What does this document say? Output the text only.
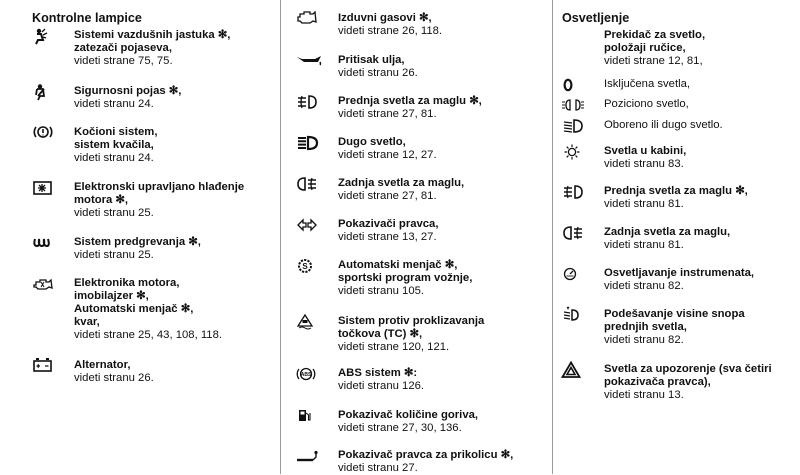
Kontrolne lampice
Sistemi vazdušnih jastuka ✻,
zatezači pojaseva,
videti strane 75, 75.
Sigurnosni pojas ✻,
videti stranu 24.
Kočioni sistem,
sistem kvačila,
videti stranu 24.
Elektronski upravljano hlađenje
motora ✻,
videti stranu 25.
Sistem predgrevanja ✻,
videti stranu 25.
Elektronika motora,
imobilajzer ✻,
Automatski menjač ✻,
kvar,
videti strane 25, 43, 108, 118.
Alternator,
videti stranu 26.
Izduvni gasovi ✻,
videti strane 26, 118.
Pritisak ulja,
videti stranu 26.
Prednja svetla za maglu ✻,
videti strane 27, 81.
Dugo svetlo,
videti strane 12, 27.
Zadnja svetla za maglu,
videti strane 27, 81.
Pokazivači pravca,
videti strane 13, 27.
S	Automatski menjač ✻,
sportski program vožnje,
videti stranu 105.
Sistem protiv proklizavanja
točkova (TC) ✻,
videti strane 120, 121.
ABS ABS sistem ✻:
videti stranu 126.
Pokazivač količine goriva,
videti strane 27, 30, 136.
Pokazivač pravca za prikolicu ✻,
videti stranu 27.
Osvetljenje
Prekidač za svetlo,
položaji ručice,
videti strane 12, 81,
Isključena svetla,
Poziciono svetlo,
Oboreno ili dugo svetlo.
Svetla u kabini,
videti stranu 83.
Prednja svetla za maglu ✻,
videti stranu 81.
Zadnja svetla za maglu,
videti stranu 81.
Osvetljavanje instrumenata,
videti stranu 82.
Podešavanje visine snopa
prednjih svetla,
videti stranu 82.
Svetla za upozorenje (sva četiri
pokazivača pravca),
videti stranu 13.
